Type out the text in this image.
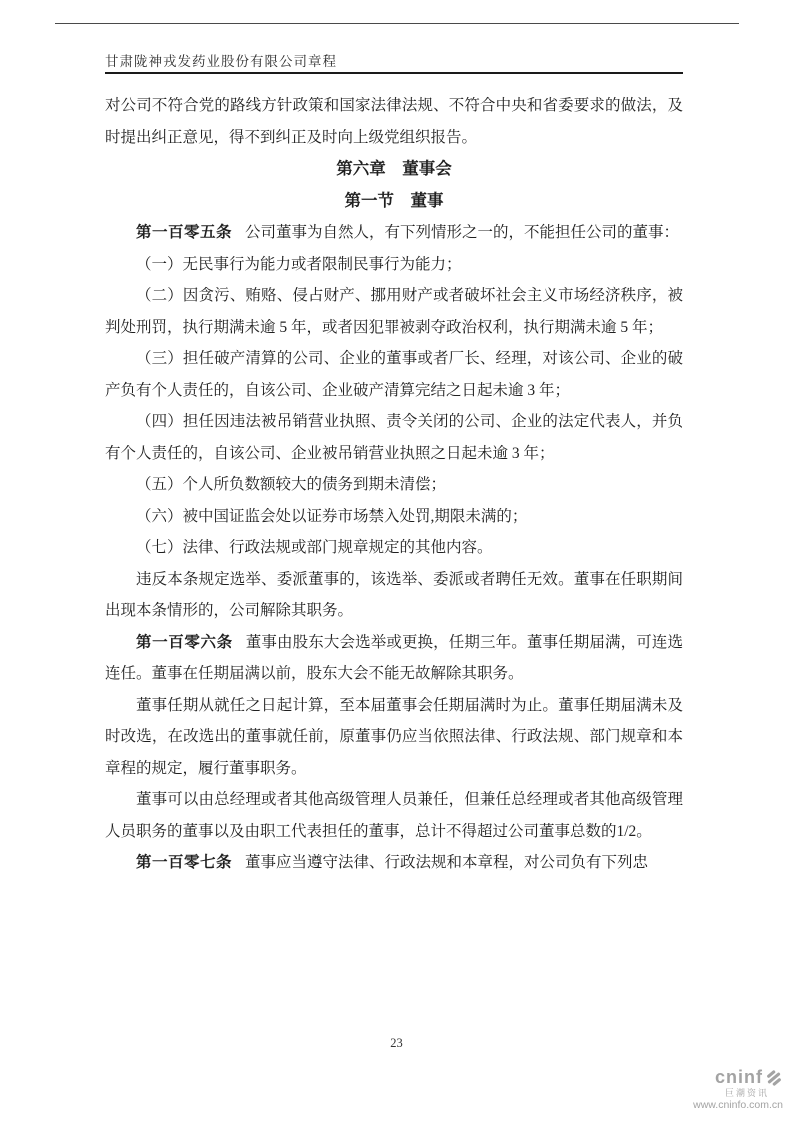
甘肃陇神戎发药业股份有限公司章程

对公司不符合党的路线方针政策和国家法律法规、不符合中央和省委要求的做法，及时提出纠正意见，得不到纠正及时向上级党组织报告。

第六章　董事会

第一节　董事

第一百零五条 公司董事为自然人，有下列情形之一的，不能担任公司的董事：

（一）无民事行为能力或者限制民事行为能力；

（二）因贪污、贿赂、侵占财产、挪用财产或者破坏社会主义市场经济秩序，被判处刑罚，执行期满未逾 5 年，或者因犯罪被剥夺政治权利，执行期满未逾 5 年；

（三）担任破产清算的公司、企业的董事或者厂长、经理，对该公司、企业的破产负有个人责任的，自该公司、企业破产清算完结之日起未逾 3 年；

（四）担任因违法被吊销营业执照、责令关闭的公司、企业的法定代表人，并负有个人责任的，自该公司、企业被吊销营业执照之日起未逾 3 年；

（五）个人所负数额较大的债务到期未清偿；

（六）被中国证监会处以证券市场禁入处罚,期限未满的；

（七）法律、行政法规或部门规章规定的其他内容。

违反本条规定选举、委派董事的，该选举、委派或者聘任无效。董事在任职期间出现本条情形的，公司解除其职务。

第一百零六条 董事由股东大会选举或更换，任期三年。董事任期届满，可连选连任。董事在任期届满以前，股东大会不能无故解除其职务。

董事任期从就任之日起计算，至本届董事会任期届满时为止。董事任期届满未及时改选，在改选出的董事就任前，原董事仍应当依照法律、行政法规、部门规章和本章程的规定，履行董事职务。

董事可以由总经理或者其他高级管理人员兼任，但兼任总经理或者其他高级管理人员职务的董事以及由职工代表担任的董事，总计不得超过公司董事总数的1/2。

第一百零七条 董事应当遵守法律、行政法规和本章程，对公司负有下列忠

23
cninf
巨潮资讯
www.cninfo.com.cn
